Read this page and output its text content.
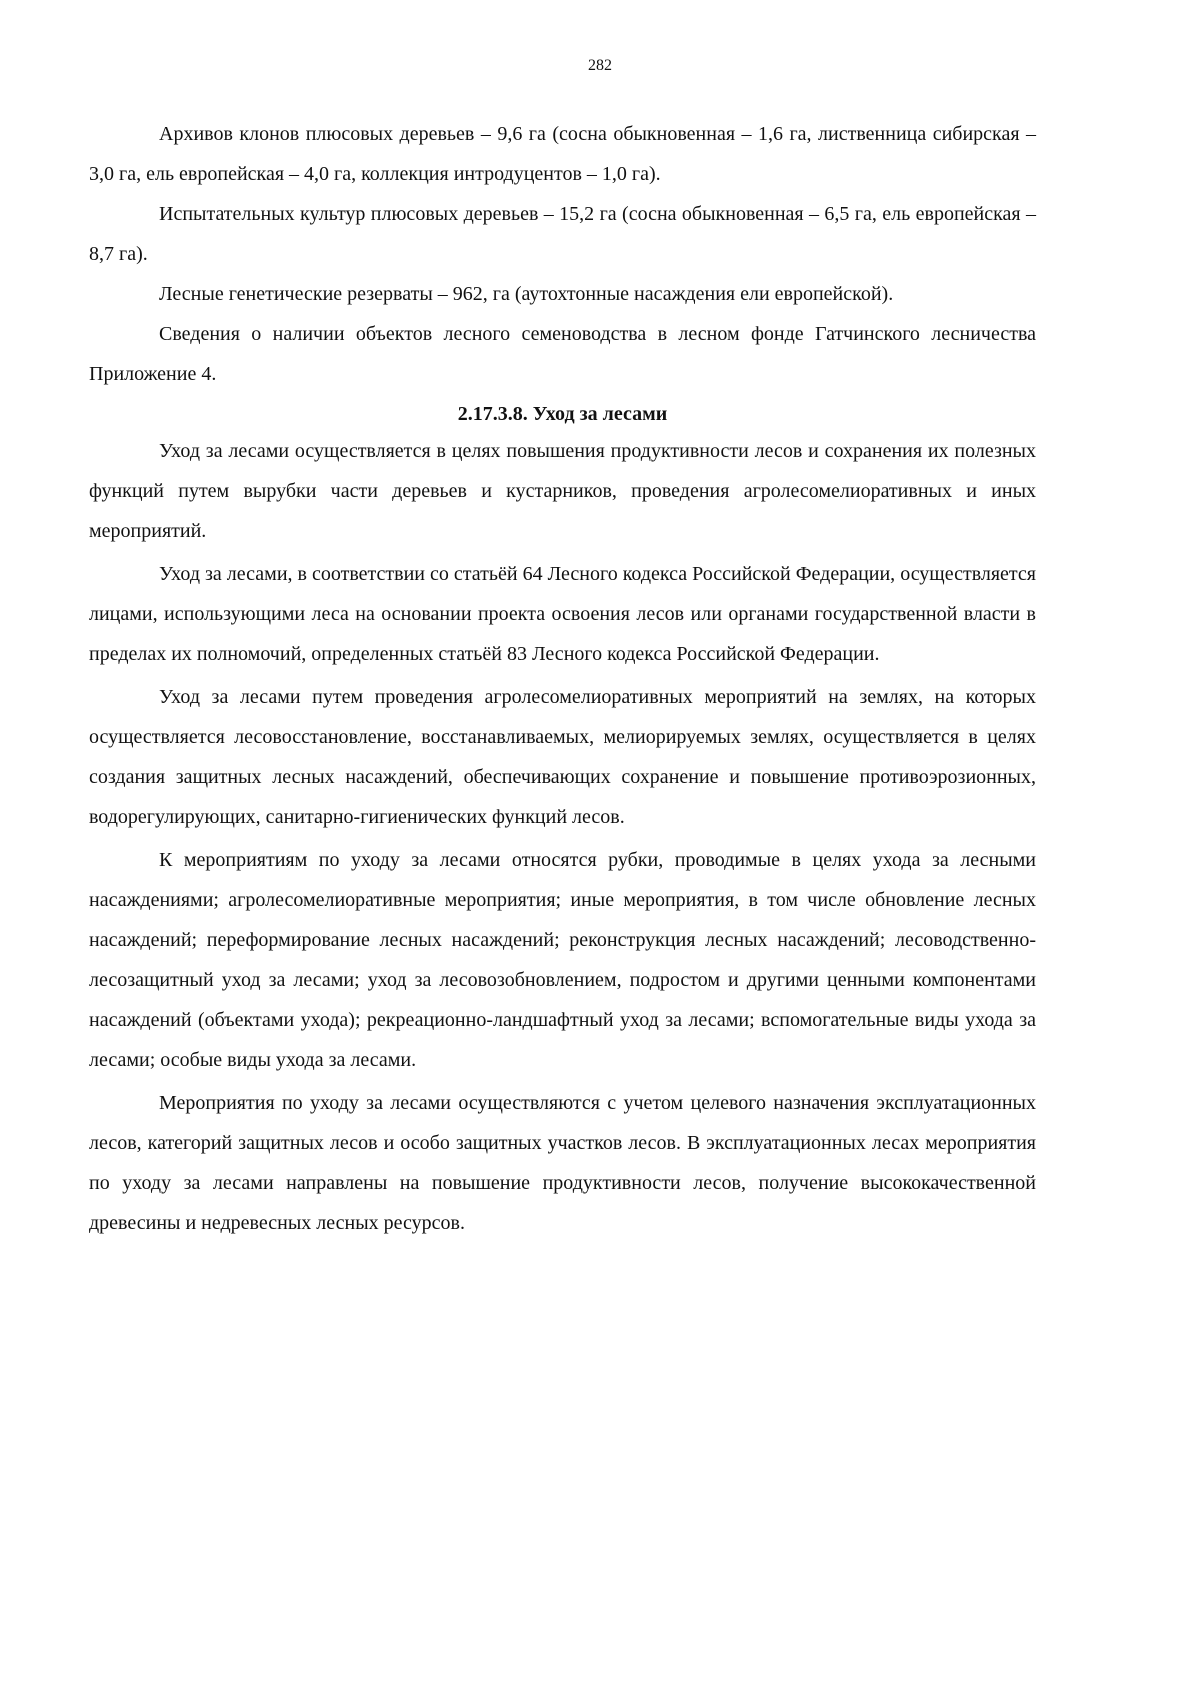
282

Архивов клонов плюсовых деревьев – 9,6 га (сосна обыкновенная – 1,6 га, лиственница сибирская – 3,0 га, ель европейская – 4,0 га, коллекция интродуцентов – 1,0 га).

Испытательных культур плюсовых деревьев – 15,2 га (сосна обыкновенная – 6,5 га, ель европейская – 8,7 га).

Лесные генетические резерваты – 962, га (аутохтонные насаждения ели европейской).

Сведения о наличии объектов лесного семеноводства в лесном фонде Гатчинского лесничества Приложение 4.

2.17.3.8. Уход за лесами

Уход за лесами осуществляется в целях повышения продуктивности лесов и сохранения их полезных функций путем вырубки части деревьев и кустарников, проведения агролесомелиоративных и иных мероприятий.

Уход за лесами, в соответствии со статьёй 64 Лесного кодекса Российской Федерации, осуществляется лицами, использующими леса на основании проекта освоения лесов или органами государственной власти в пределах их полномочий, определенных статьёй 83 Лесного кодекса Российской Федерации.

Уход за лесами путем проведения агролесомелиоративных мероприятий на землях, на которых осуществляется лесовосстановление, восстанавливаемых, мелиорируемых землях, осуществляется в целях создания защитных лесных насаждений, обеспечивающих сохранение и повышение противоэрозионных, водорегулирующих, санитарно-гигиенических функций лесов.

К мероприятиям по уходу за лесами относятся рубки, проводимые в целях ухода за лесными насаждениями; агролесомелиоративные мероприятия; иные мероприятия, в том числе обновление лесных насаждений; переформирование лесных насаждений; реконструкция лесных насаждений; лесоводственно-лесозащитный уход за лесами; уход за лесовозобновлением, подростом и другими ценными компонентами насаждений (объектами ухода); рекреационно-ландшафтный уход за лесами; вспомогательные виды ухода за лесами; особые виды ухода за лесами.

Мероприятия по уходу за лесами осуществляются с учетом целевого назначения эксплуатационных лесов, категорий защитных лесов и особо защитных участков лесов. В эксплуатационных лесах мероприятия по уходу за лесами направлены на повышение продуктивности лесов, получение высококачественной древесины и недревесных лесных ресурсов.
